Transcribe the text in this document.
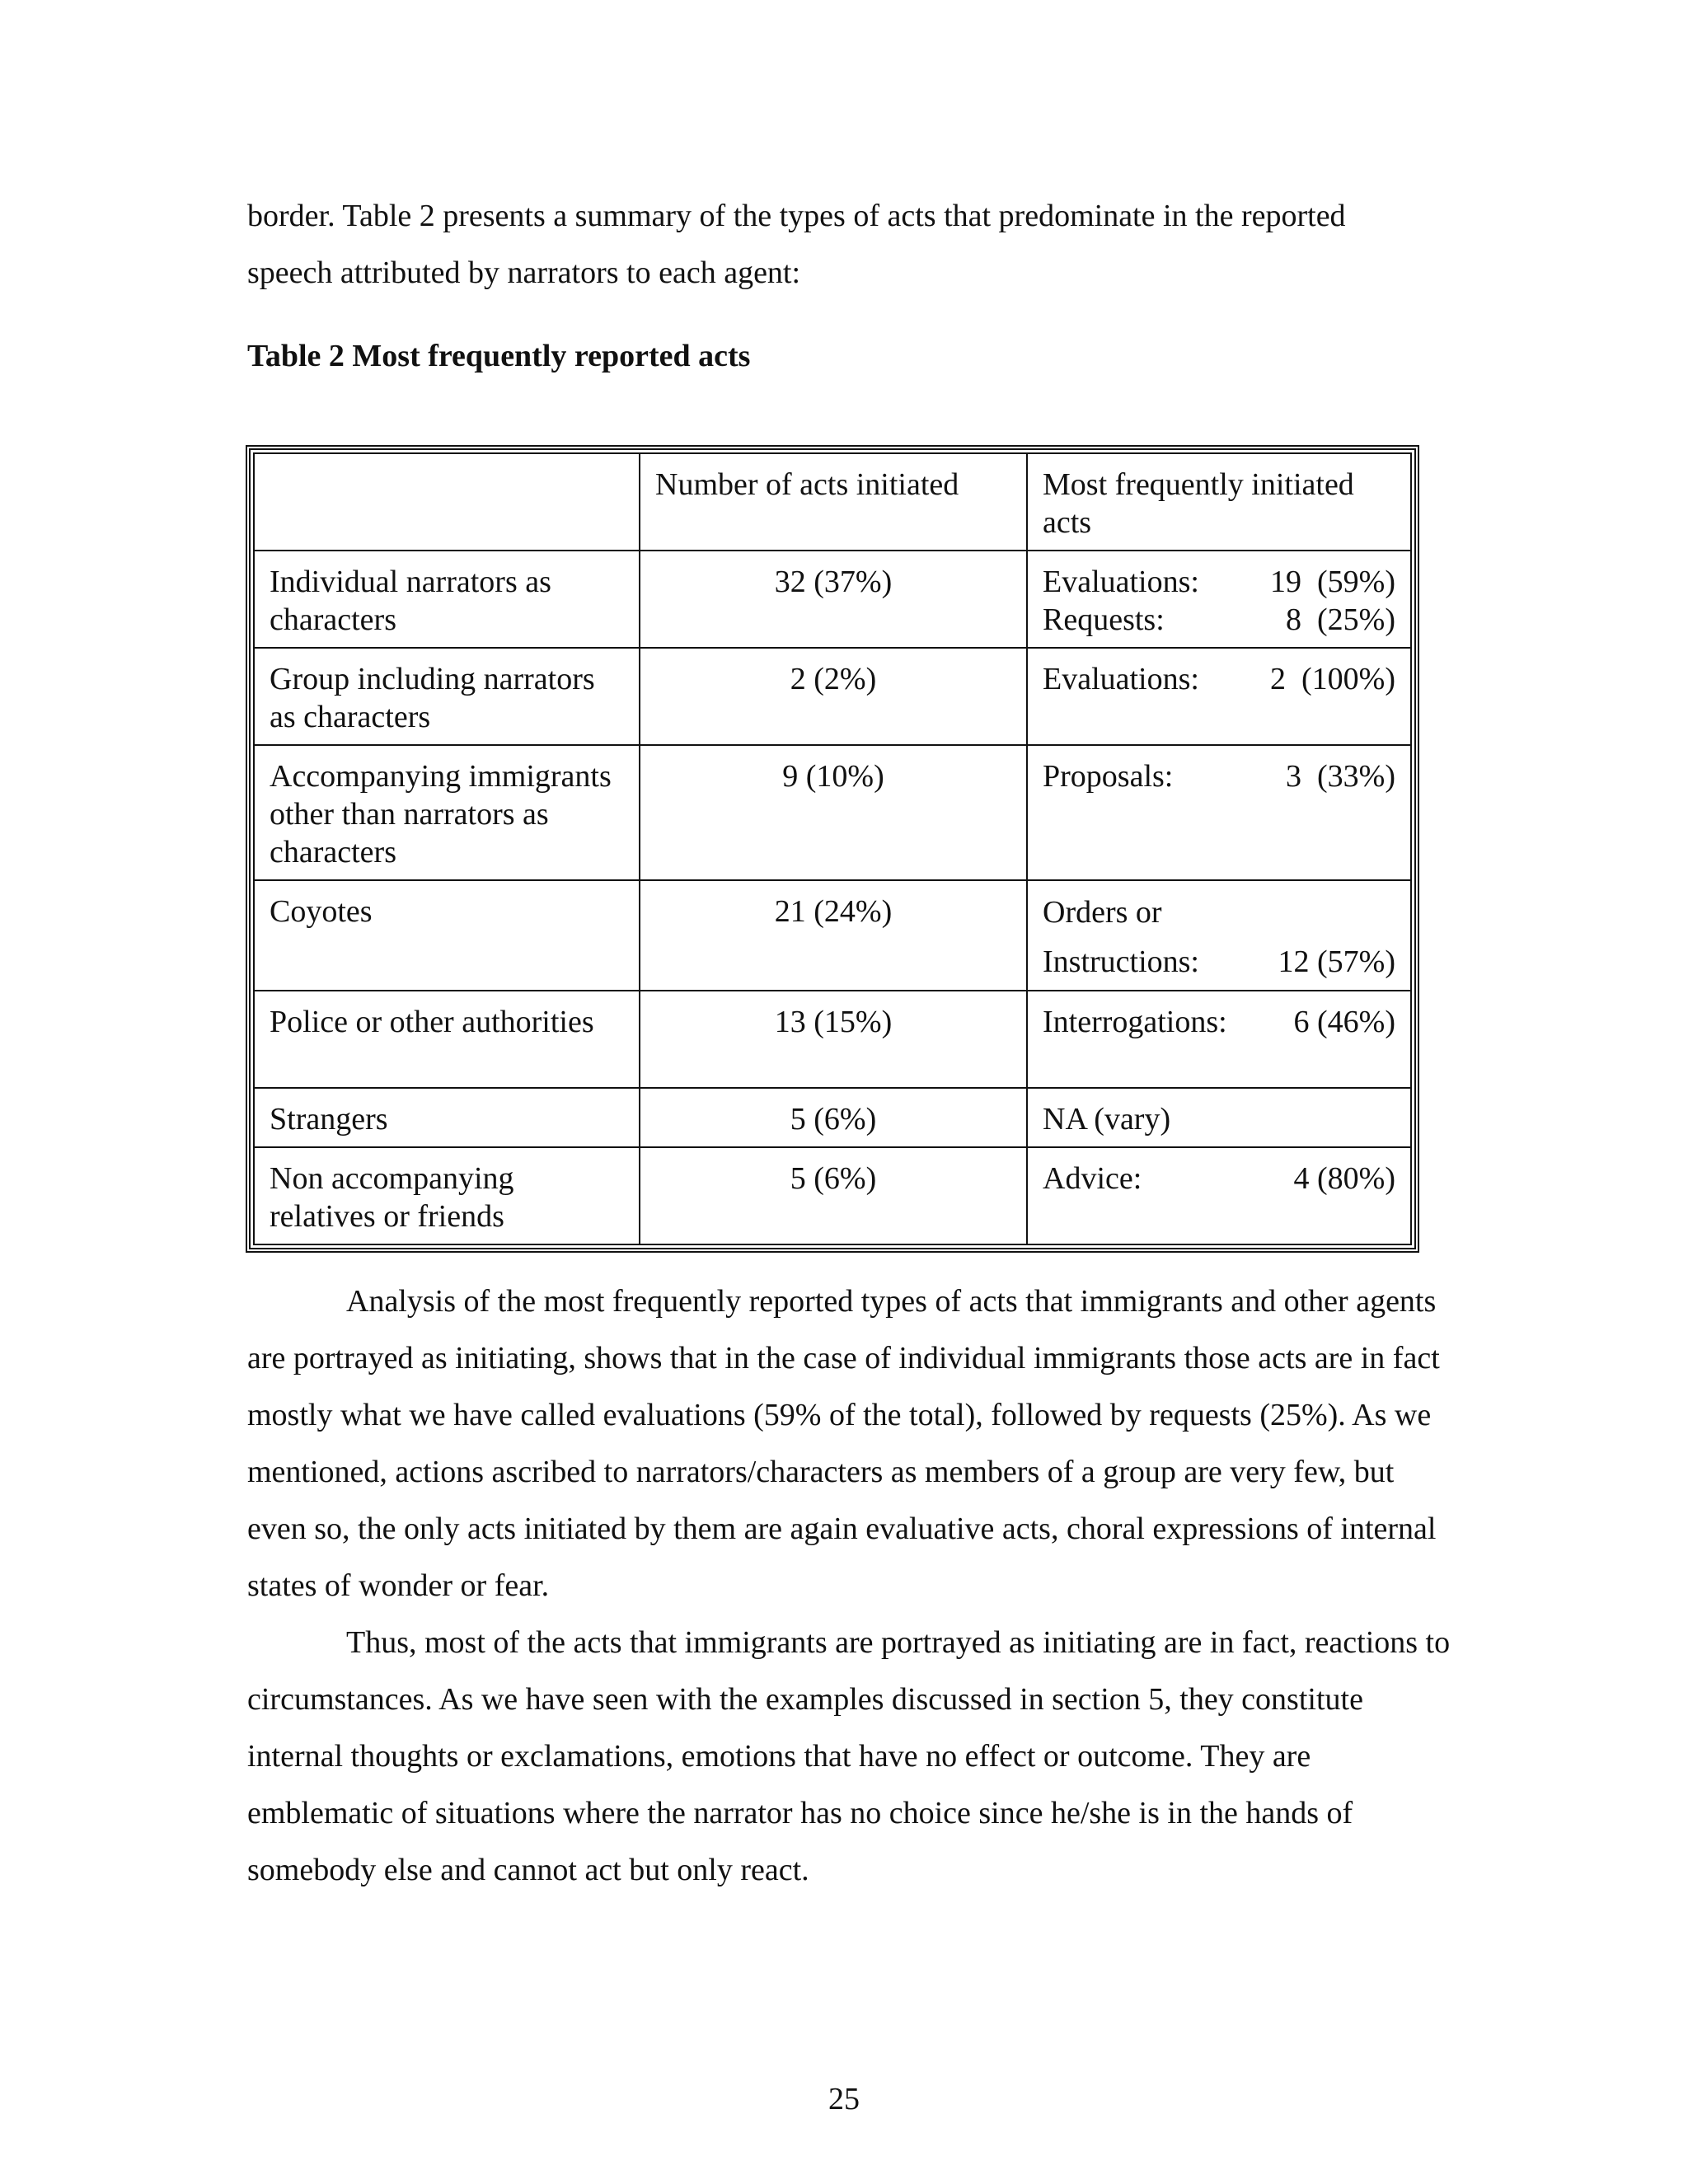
border. Table 2 presents a summary of the types of acts that predominate in the reported

speech attributed by narrators to each agent:

Table 2 Most frequently reported acts

	Number of acts initiated	Most frequently initiated acts
Individual narrators as characters	32 (37%)	Evaluations: 19  (59%)
Requests: 8  (25%)

Group including narrators as characters	2 (2%)	Evaluations: 2  (100%)

Accompanying immigrants other than narrators as characters	9 (10%)	Proposals: 3  (33%)

Coyotes	21 (24%)	Orders or
Instructions: 12 (57%)

Police or other authorities	13 (15%)	Interrogations: 6 (46%)

Strangers	5 (6%)	NA (vary)

Non accompanying relatives or friends	5 (6%)	Advice: 4 (80%)

Analysis of the most frequently reported types of acts that immigrants and other agents are portrayed as initiating, shows that in the case of individual immigrants those acts are in fact mostly what we have called evaluations (59% of the total), followed by requests (25%). As we mentioned, actions ascribed to narrators/characters as members of a group are very few, but even so, the only acts initiated by them are again evaluative acts, choral expressions of internal states of wonder or fear.

Thus, most of the acts that immigrants are portrayed as initiating are in fact, reactions to circumstances. As we have seen with the examples discussed in section 5, they constitute internal thoughts or exclamations, emotions that have no effect or outcome. They are emblematic of situations where the narrator has no choice since he/she is in the hands of somebody else and cannot act but only react.

25
